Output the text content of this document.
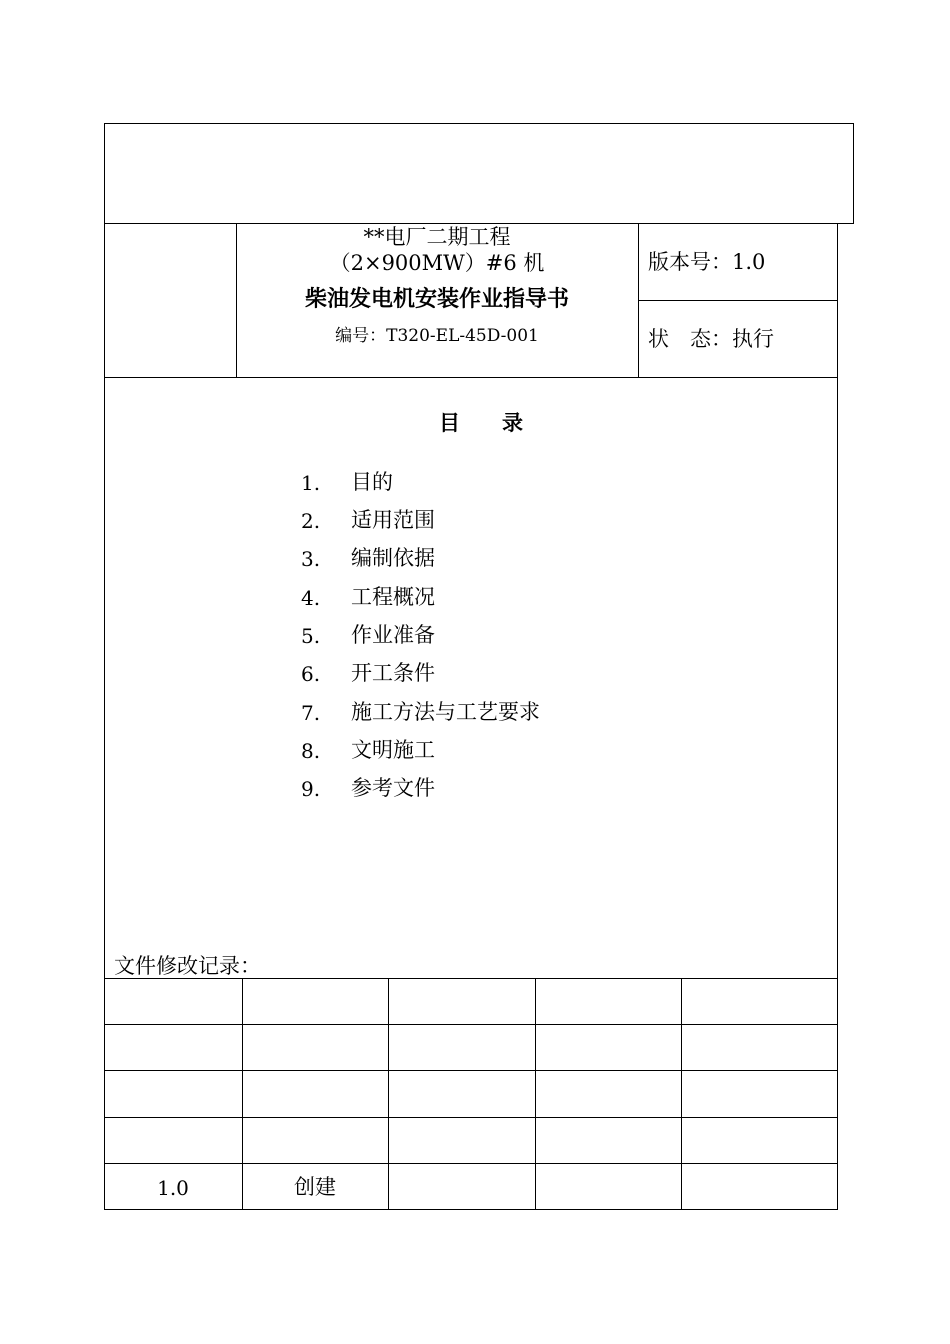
**电厂二期工程
（2×900MW）#6 机
柴油发电机安装作业指导书
编号：T320-EL-45D-001
版本号：1.0
状　态：执行
目　　录
1. 目的
2. 适用范围
3. 编制依据
4. 工程概况
5. 作业准备
6. 开工条件
7. 施工方法与工艺要求
8. 文明施工
9. 参考文件
文件修改记录：
1.0	创建
